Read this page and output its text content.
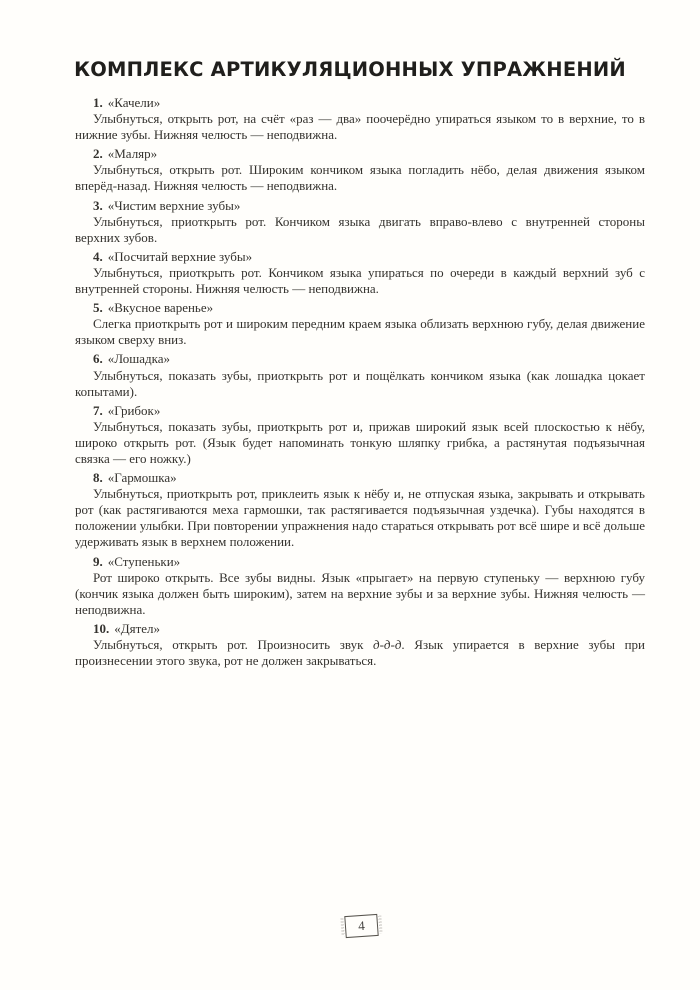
КОМПЛЕКС АРТИКУЛЯЦИОННЫХ УПРАЖНЕНИЙ

1. «Качели»

Улыбнуться, открыть рот, на счёт «раз — два» поочерёдно упираться языком то в верхние, то в нижние зубы. Нижняя челюсть — неподвижна.

2. «Маляр»

Улыбнуться, открыть рот. Широким кончиком языка погладить нёбо, делая движения языком вперёд-назад. Нижняя челюсть — неподвижна.

3. «Чистим верхние зубы»

Улыбнуться, приоткрыть рот. Кончиком языка двигать вправо-влево с внутренней стороны верхних зубов.

4. «Посчитай верхние зубы»

Улыбнуться, приоткрыть рот. Кончиком языка упираться по очереди в каждый верхний зуб с внутренней стороны. Нижняя челюсть — неподвижна.

5. «Вкусное варенье»

Слегка приоткрыть рот и широким передним краем языка облизать верхнюю губу, делая движение языком сверху вниз.

6. «Лошадка»

Улыбнуться, показать зубы, приоткрыть рот и пощёлкать кончиком языка (как лошадка цокает копытами).

7. «Грибок»

Улыбнуться, показать зубы, приоткрыть рот и, прижав широкий язык всей плоскостью к нёбу, широко открыть рот. (Язык будет напоминать тонкую шляпку грибка, а растянутая подъязычная связка — его ножку.)

8. «Гармошка»

Улыбнуться, приоткрыть рот, приклеить язык к нёбу и, не отпуская языка, закрывать и открывать рот (как растягиваются меха гармошки, так растягивается подъязычная уздечка). Губы находятся в положении улыбки. При повторении упражнения надо стараться открывать рот всё шире и всё дольше удерживать язык в верхнем положении.

9. «Ступеньки»

Рот широко открыть. Все зубы видны. Язык «прыгает» на первую ступеньку — верхнюю губу (кончик языка должен быть широким), затем на верхние зубы и за верхние зубы. Нижняя челюсть — неподвижна.

10. «Дятел»

Улыбнуться, открыть рот. Произносить звук д-д-д. Язык упирается в верхние зубы при произнесении этого звука, рот не должен закрываться.

4
